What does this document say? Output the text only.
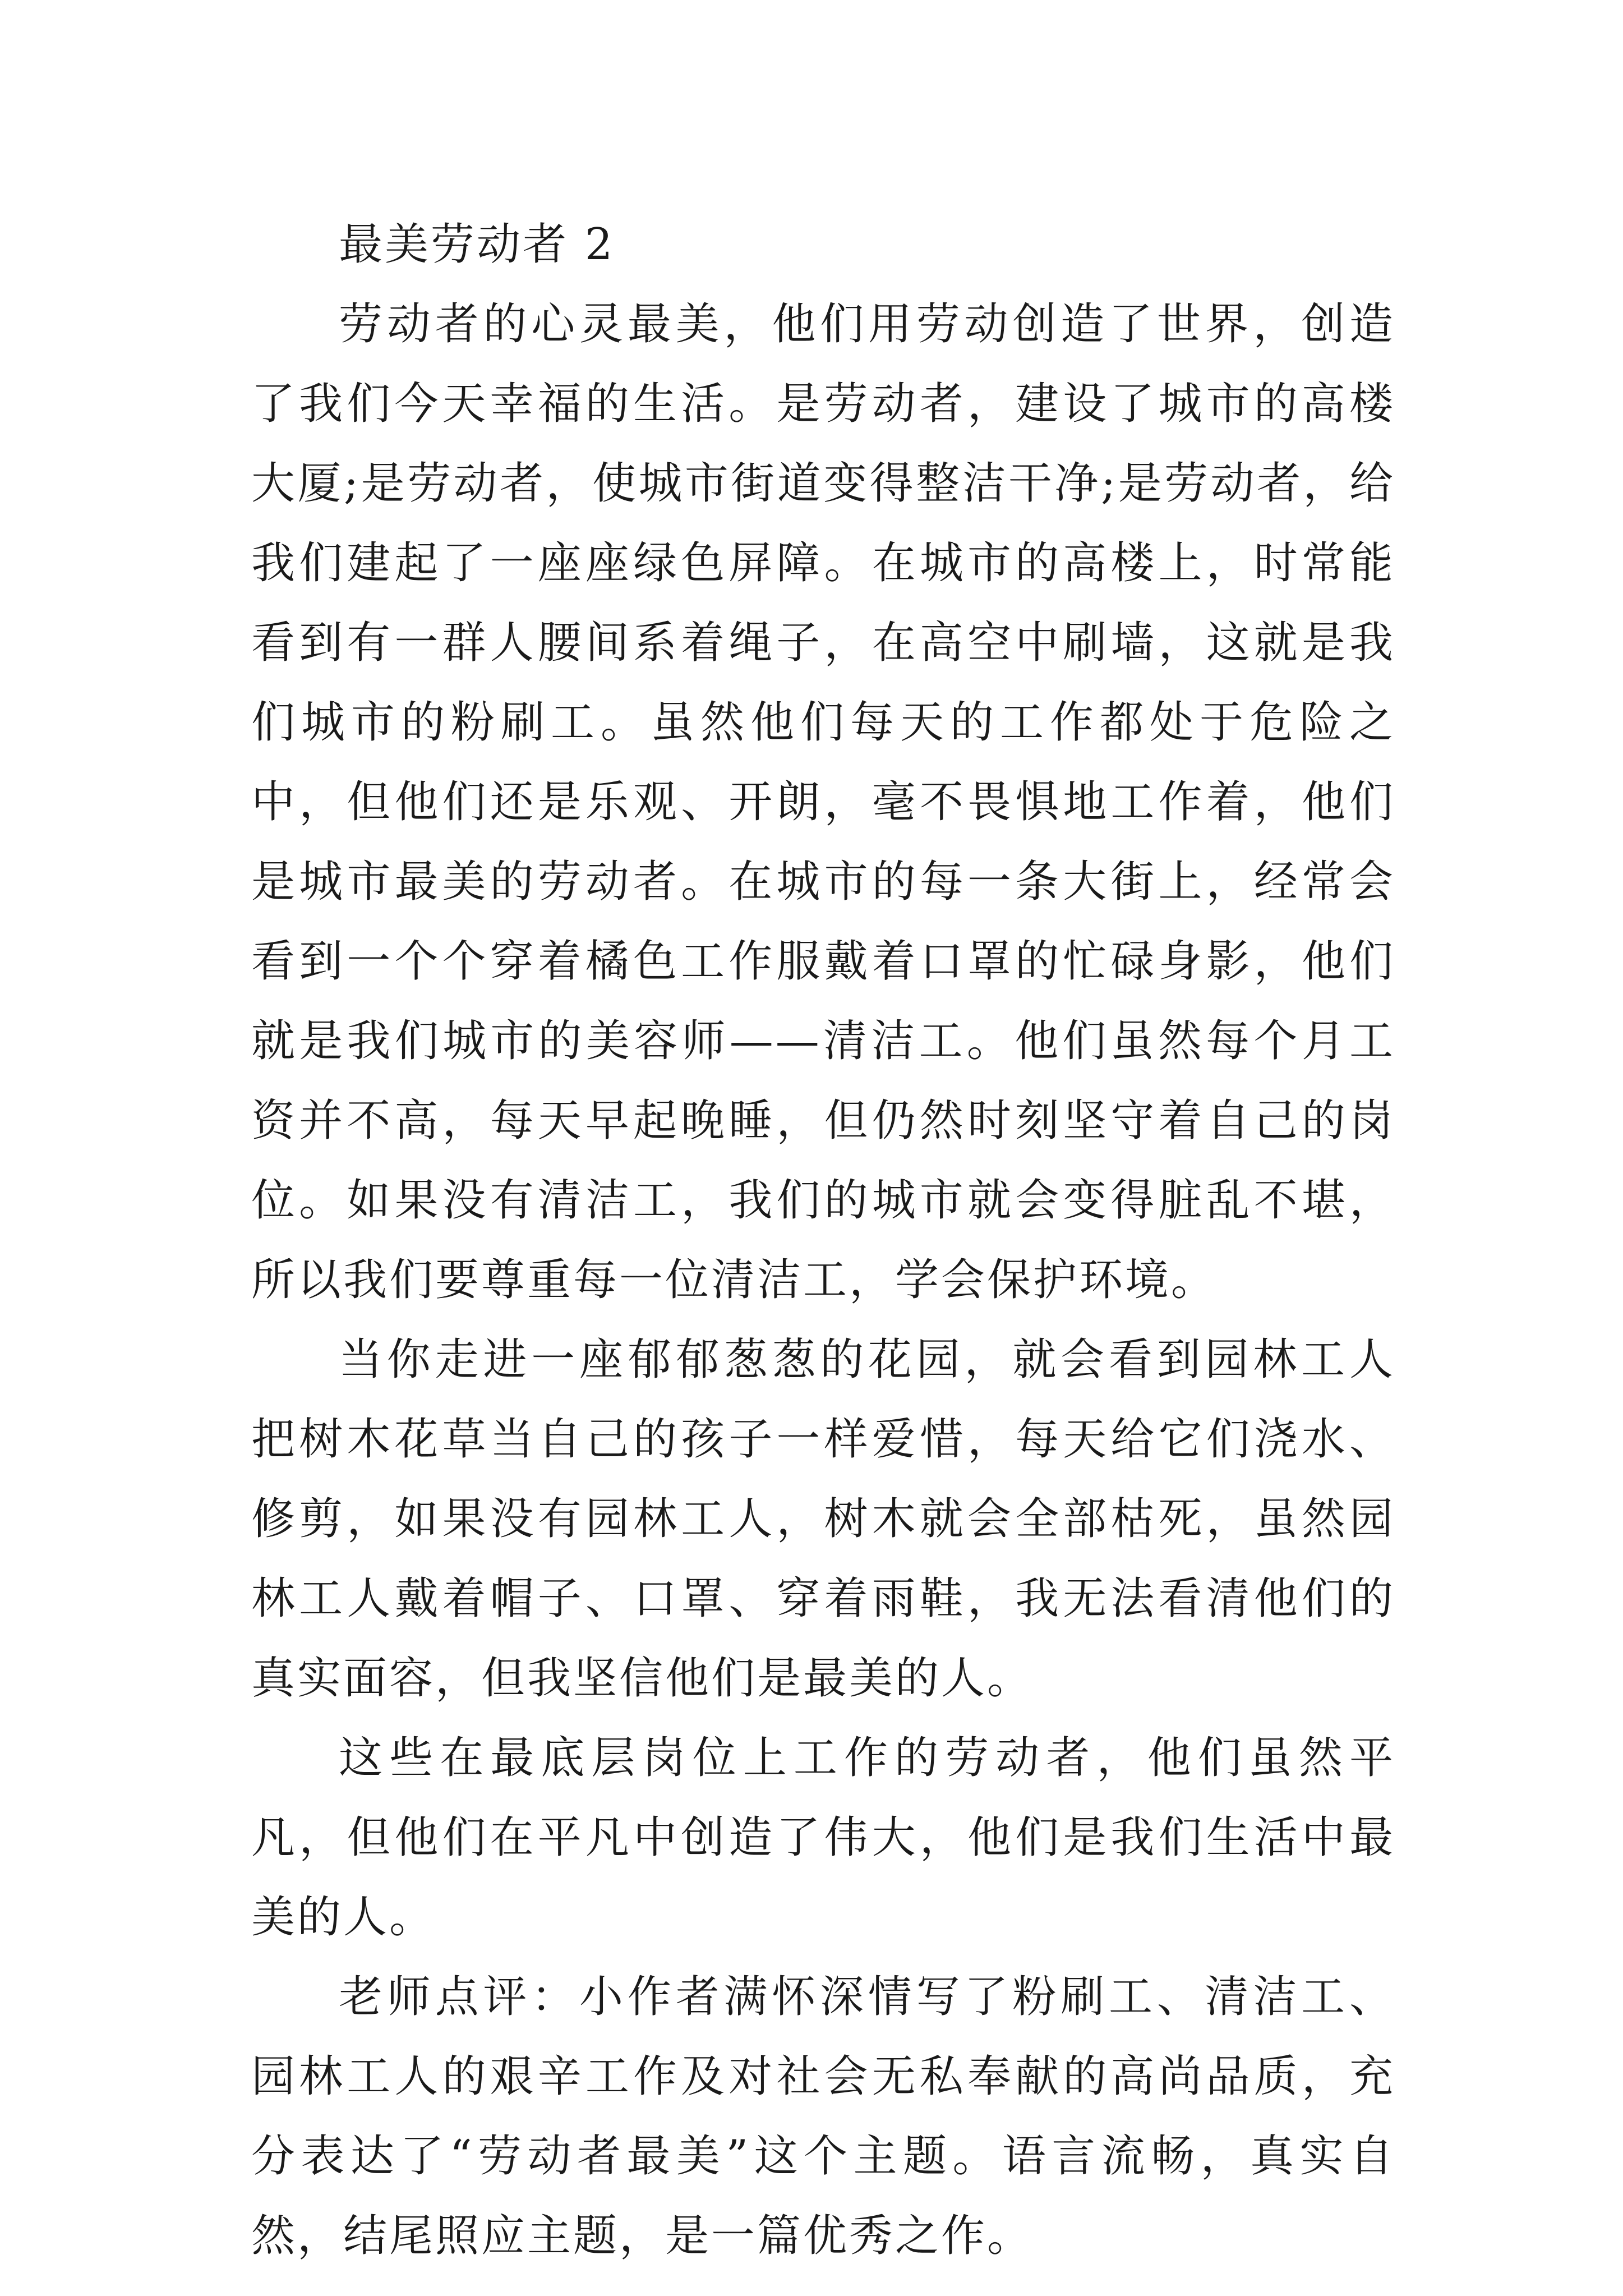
最美劳动者 2

劳动者的心灵最美，他们用劳动创造了世界，创造了我们今天幸福的生活。是劳动者，建设了城市的高楼大厦;是劳动者，使城市街道变得整洁干净;是劳动者，给我们建起了一座座绿色屏障。在城市的高楼上，时常能看到有一群人腰间系着绳子，在高空中刷墙，这就是我们城市的粉刷工。虽然他们每天的工作都处于危险之中，但他们还是乐观、开朗，毫不畏惧地工作着，他们是城市最美的劳动者。在城市的每一条大街上，经常会看到一个个穿着橘色工作服戴着口罩的忙碌身影，他们就是我们城市的美容师——清洁工。他们虽然每个月工资并不高，每天早起晚睡，但仍然时刻坚守着自己的岗位。如果没有清洁工，我们的城市就会变得脏乱不堪，所以我们要尊重每一位清洁工，学会保护环境。

当你走进一座郁郁葱葱的花园，就会看到园林工人把树木花草当自己的孩子一样爱惜，每天给它们浇水、修剪，如果没有园林工人，树木就会全部枯死，虽然园林工人戴着帽子、口罩、穿着雨鞋，我无法看清他们的真实面容，但我坚信他们是最美的人。

这些在最底层岗位上工作的劳动者，他们虽然平凡，但他们在平凡中创造了伟大，他们是我们生活中最美的人。

老师点评：小作者满怀深情写了粉刷工、清洁工、园林工人的艰辛工作及对社会无私奉献的高尚品质，充分表达了“劳动者最美”这个主题。语言流畅，真实自然，结尾照应主题，是一篇优秀之作。
